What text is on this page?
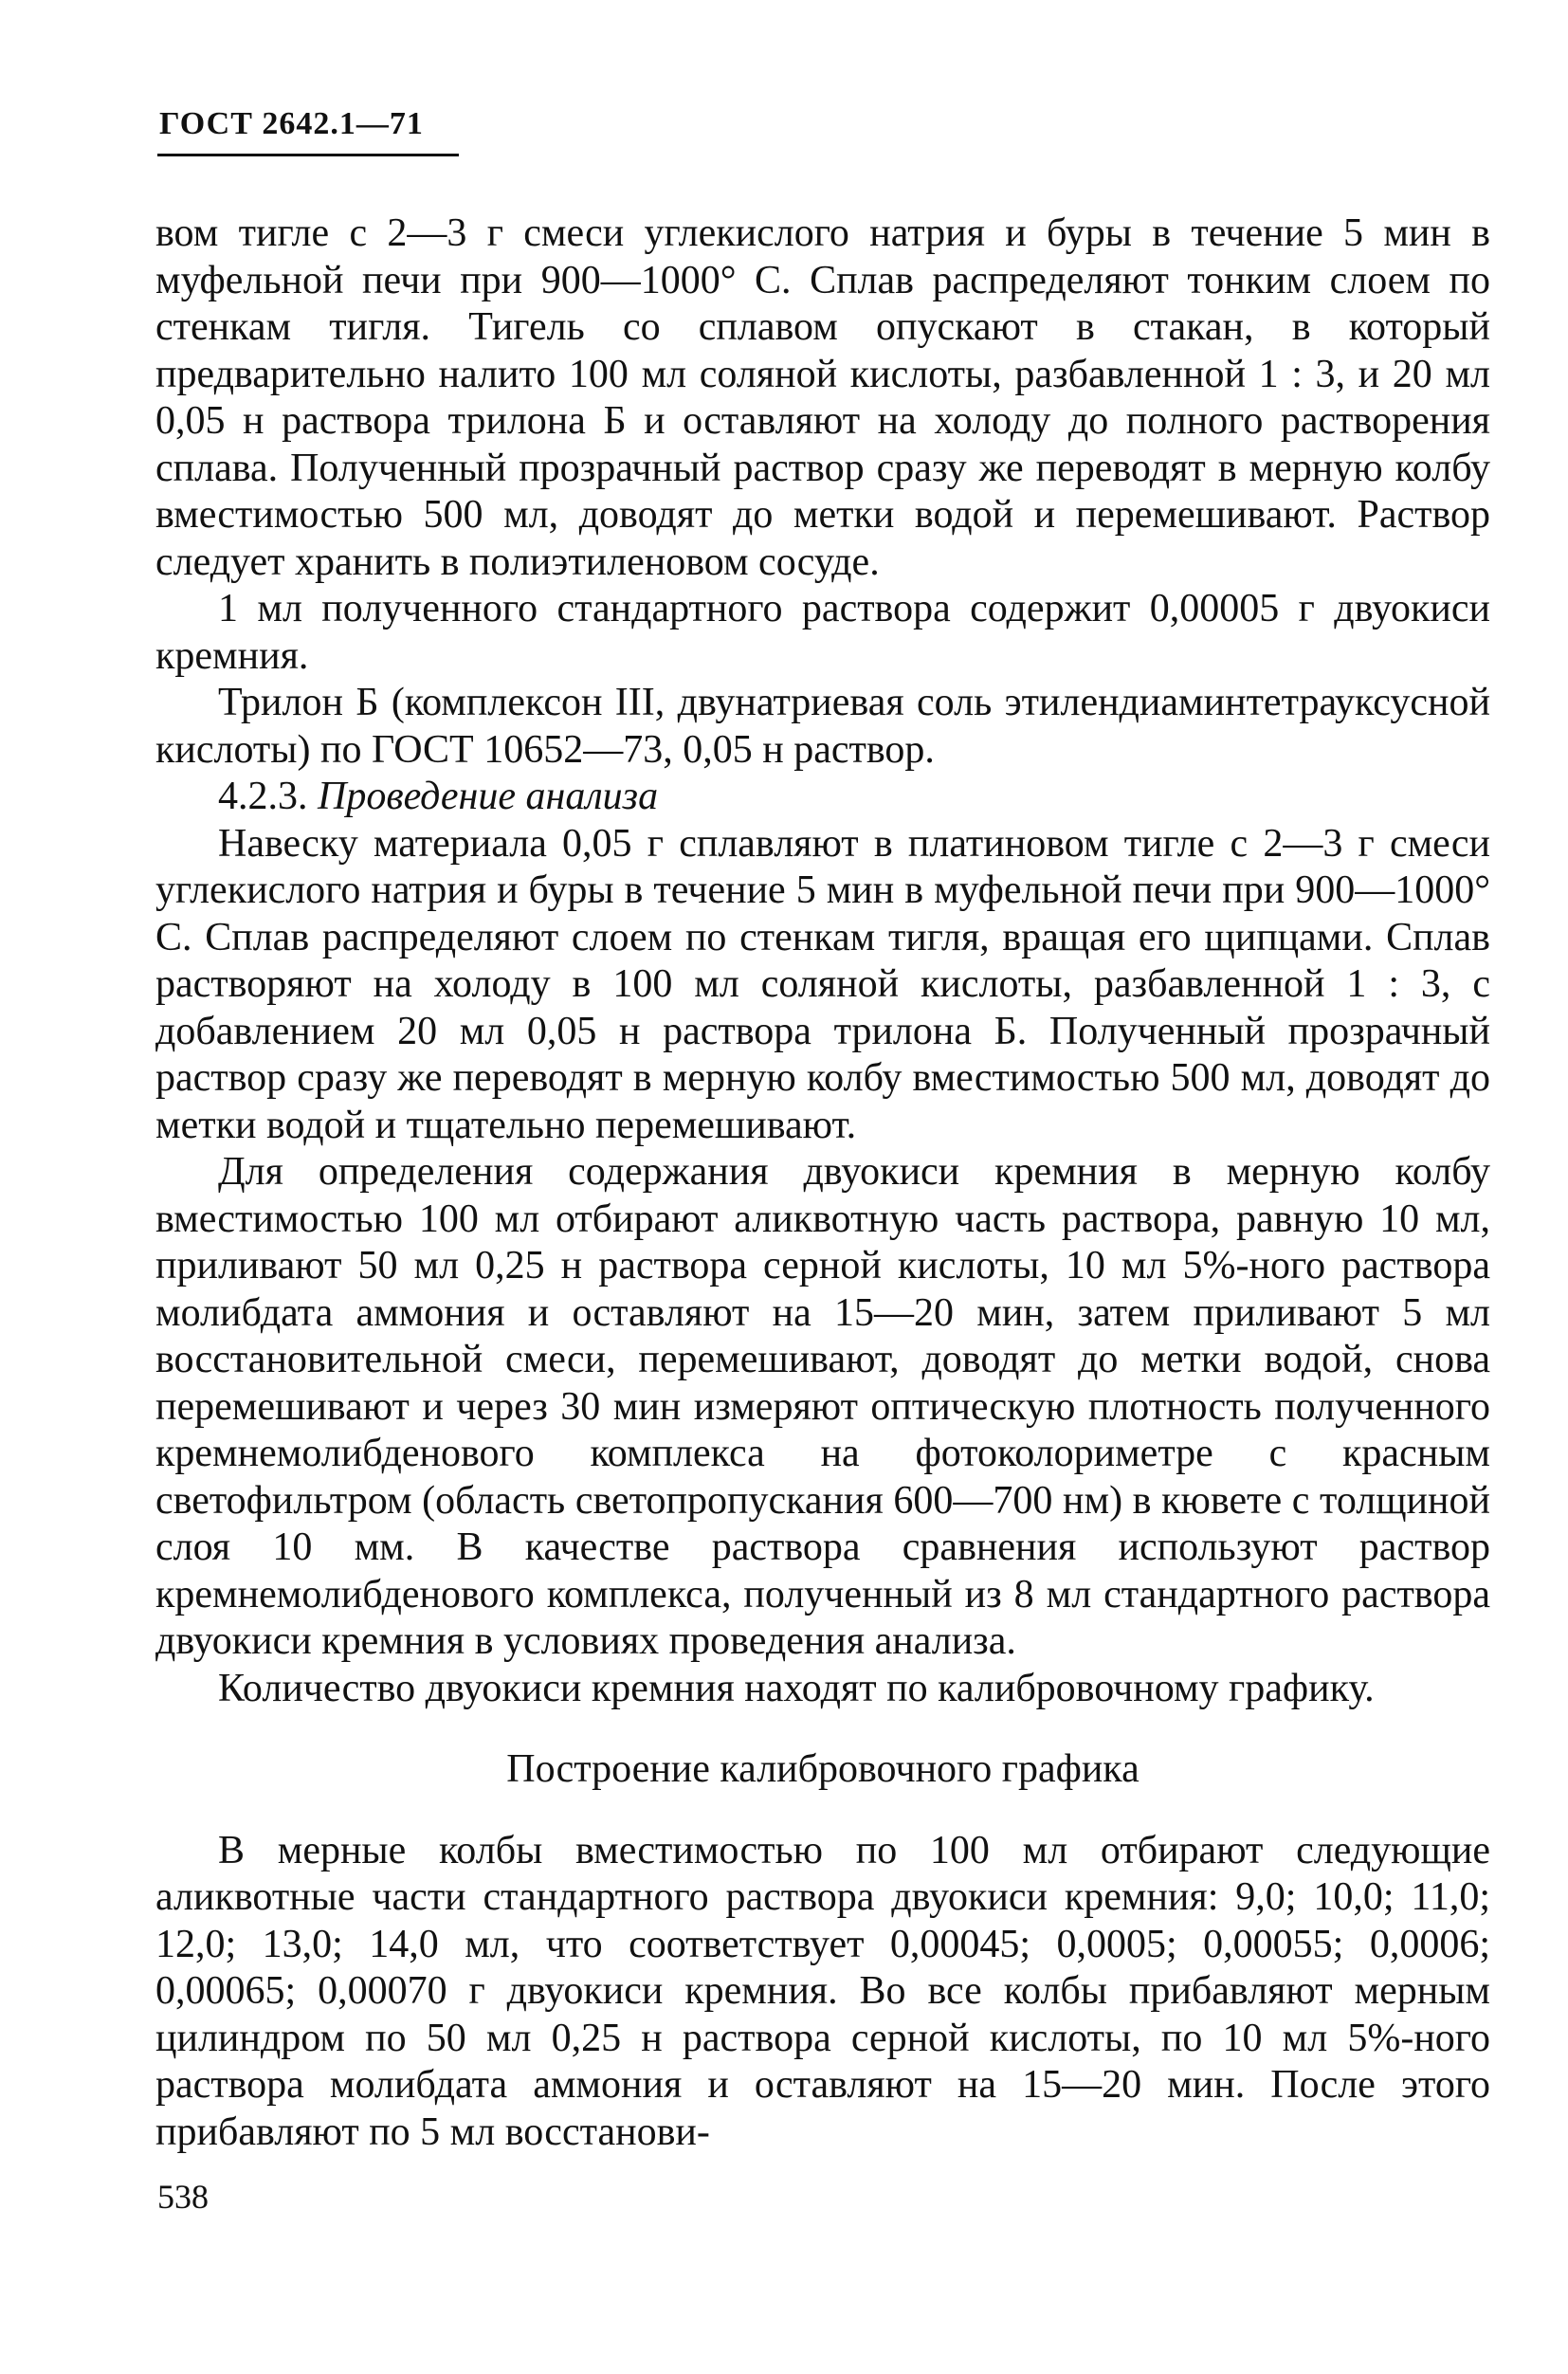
ГОСТ 2642.1—71

вом тигле с 2—3 г смеси углекислого натрия и буры в течение 5 мин в муфельной печи при 900—1000° С. Сплав распределяют тонким слоем по стенкам тигля. Тигель со сплавом опускают в стакан, в который предварительно налито 100 мл соляной кислоты, разбавленной 1 : 3, и 20 мл 0,05 н раствора трилона Б и оставляют на холоду до полного растворения сплава. Полученный прозрачный раствор сразу же переводят в мерную колбу вместимостью 500 мл, доводят до метки водой и перемешивают. Раствор следует хранить в полиэтиленовом сосуде.

1 мл полученного стандартного раствора содержит 0,00005 г двуокиси кремния.

Трилон Б (комплексон III, двунатриевая соль этилендиаминтетрауксусной кислоты) по ГОСТ 10652—73, 0,05 н раствор.

4.2.3. Проведение анализа

Навеску материала 0,05 г сплавляют в платиновом тигле с 2—3 г смеси углекислого натрия и буры в течение 5 мин в муфельной печи при 900—1000° С. Сплав распределяют слоем по стенкам тигля, вращая его щипцами. Сплав растворяют на холоду в 100 мл соляной кислоты, разбавленной 1 : 3, с добавлением 20 мл 0,05 н раствора трилона Б. Полученный прозрачный раствор сразу же переводят в мерную колбу вместимостью 500 мл, доводят до метки водой и тщательно перемешивают.

Для определения содержания двуокиси кремния в мерную колбу вместимостью 100 мл отбирают аликвотную часть раствора, равную 10 мл, приливают 50 мл 0,25 н раствора серной кислоты, 10 мл 5%-ного раствора молибдата аммония и оставляют на 15—20 мин, затем приливают 5 мл восстановительной смеси, перемешивают, доводят до метки водой, снова перемешивают и через 30 мин измеряют оптическую плотность полученного кремнемолибденового комплекса на фотоколориметре с красным светофильтром (область светопропускания 600—700 нм) в кювете с толщиной слоя 10 мм. В качестве раствора сравнения используют раствор кремнемолибденового комплекса, полученный из 8 мл стандартного раствора двуокиси кремния в условиях проведения анализа.

Количество двуокиси кремния находят по калибровочному графику.

Построение калибровочного графика

В мерные колбы вместимостью по 100 мл отбирают следующие аликвотные части стандартного раствора двуокиси кремния: 9,0; 10,0; 11,0; 12,0; 13,0; 14,0 мл, что соответствует 0,00045; 0,0005; 0,00055; 0,0006; 0,00065; 0,00070 г двуокиси кремния. Во все колбы прибавляют мерным цилиндром по 50 мл 0,25 н раствора серной кислоты, по 10 мл 5%-ного раствора молибдата аммония и оставляют на 15—20 мин. После этого прибавляют по 5 мл восстанови-

538
